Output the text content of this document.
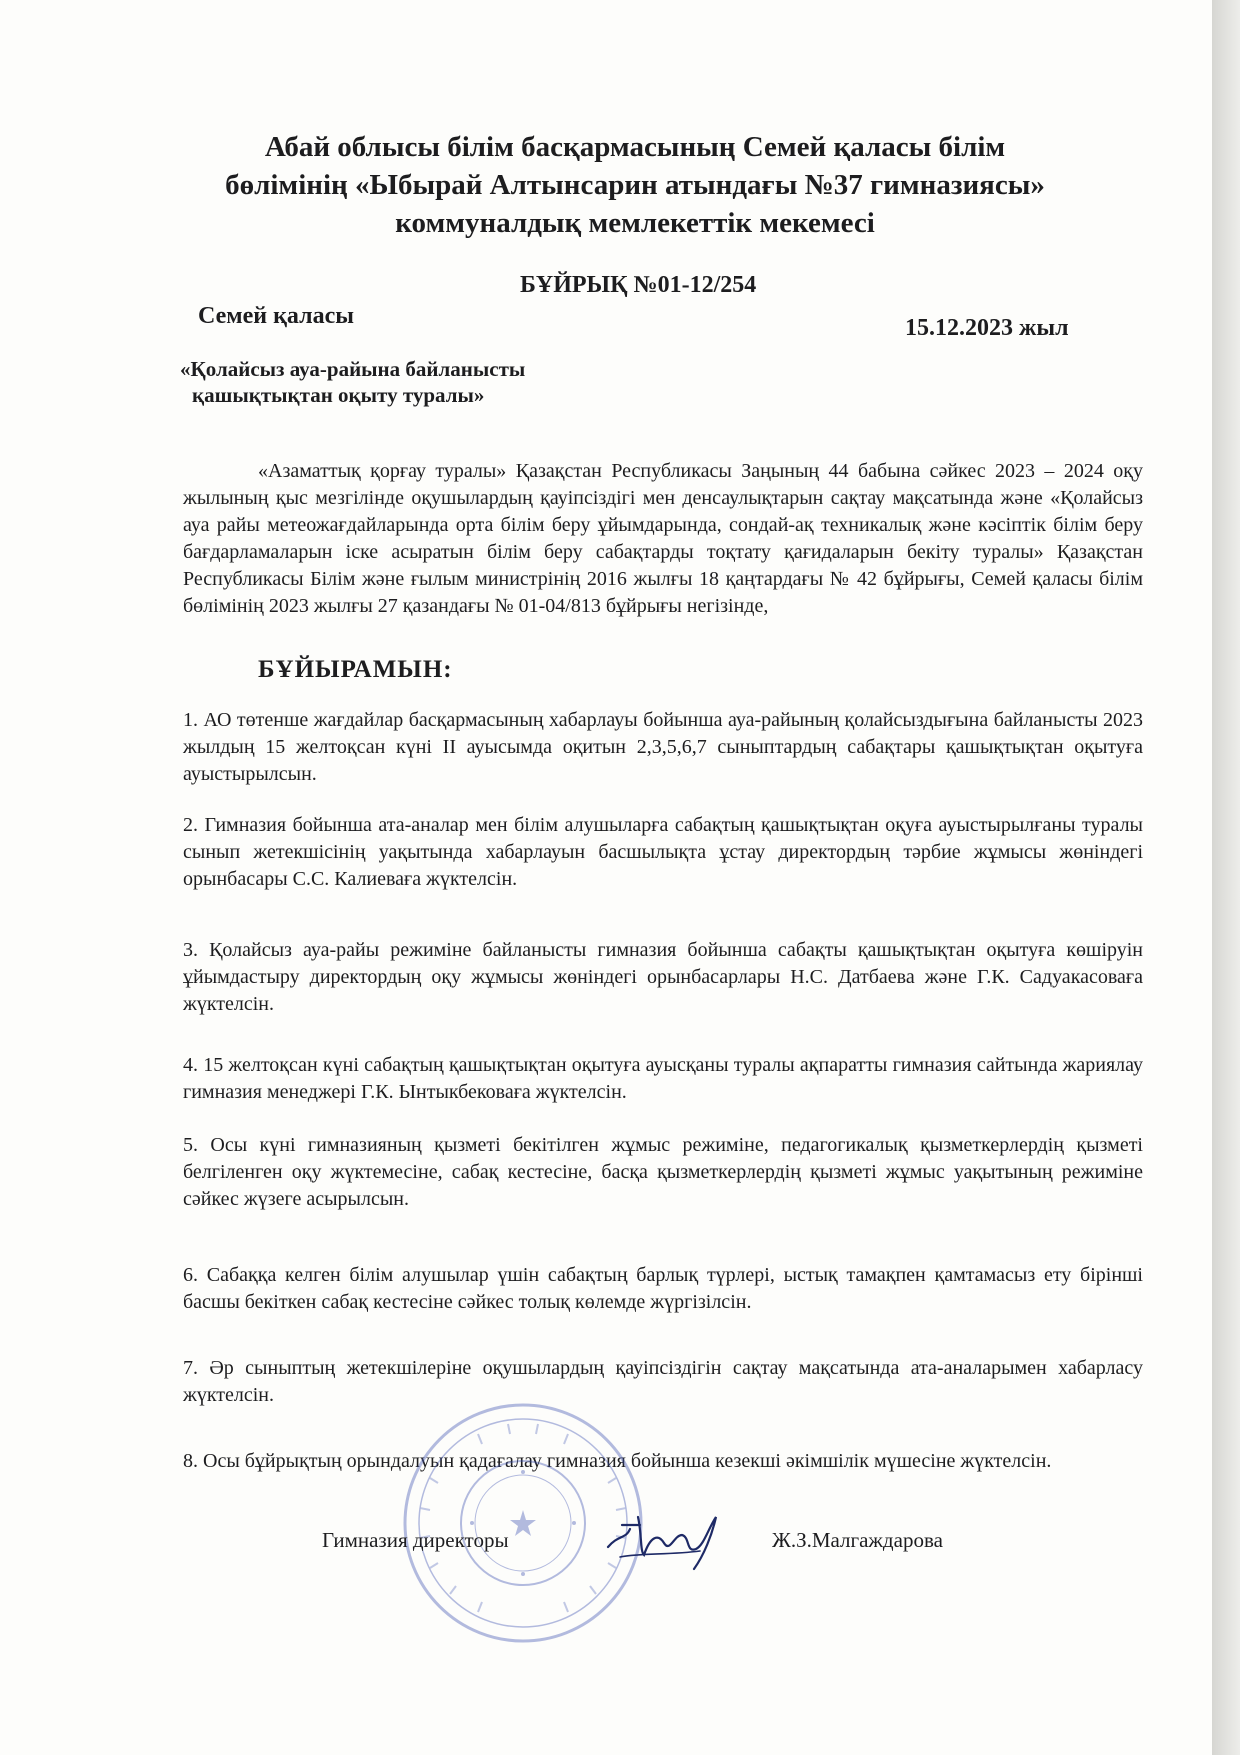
Абай облысы білім басқармасының Семей қаласы білім
бөлімінің «Ыбырай Алтынсарин атындағы №37 гимназиясы»
коммуналдық мемлекеттік мекемесі
БҰЙРЫҚ №01-12/254
Семей қаласы	15.12.2023 жыл
«Қолайсыз ауа-райына байланысты
қашықтықтан оқыту туралы»
«Азаматтық қорғау туралы» Қазақстан Республикасы Заңының 44 бабына сәйкес 2023 – 2024 оқу жылының қыс мезгілінде оқушылардың қауіпсіздігі мен денсаулықтарын сақтау мақсатында және «Қолайсыз ауа райы метеожағдайларында орта білім беру ұйымдарында, сондай-ақ техникалық және кәсіптік білім беру бағдарламаларын іске асыратын білім беру сабақтарды тоқтату қағидаларын бекіту туралы» Қазақстан Республикасы Білім және ғылым министрінің 2016 жылғы 18 қаңтардағы № 42 бұйрығы, Семей қаласы білім бөлімінің 2023 жылғы 27 қазандағы № 01-04/813 бұйрығы негізінде,
БҰЙЫРАМЫН:
1. АО төтенше жағдайлар басқармасының хабарлауы бойынша ауа-райының қолайсыздығына байланысты 2023 жылдың 15 желтоқсан күні ІІ ауысымда оқитын 2,3,5,6,7 сыныптардың сабақтары қашықтықтан оқытуға ауыстырылсын.
2. Гимназия бойынша ата-аналар мен білім алушыларға сабақтың қашықтықтан оқуға ауыстырылғаны туралы сынып жетекшісінің уақытында хабарлауын басшылықта ұстау директордың тәрбие жұмысы жөніндегі орынбасары С.С. Калиеваға жүктелсін.
3. Қолайсыз ауа-райы режиміне байланысты гимназия бойынша сабақты қашықтықтан оқытуға көшіруін ұйымдастыру директордың оқу жұмысы жөніндегі орынбасарлары Н.С. Датбаева және Г.К. Садуакасоваға жүктелсін.
4. 15 желтоқсан күні сабақтың қашықтықтан оқытуға ауысқаны туралы ақпаратты гимназия сайтында жариялау гимназия менеджері Г.К. Ынтыкбековаға жүктелсін.
5. Осы күні гимназияның қызметі бекітілген жұмыс режиміне, педагогикалық қызметкерлердің қызметі белгіленген оқу жүктемесіне, сабақ кестесіне, басқа қызметкерлердің қызметі жұмыс уақытының режиміне сәйкес жүзеге асырылсын.
6. Сабаққа келген білім алушылар үшін сабақтың барлық түрлері, ыстық тамақпен қамтамасыз ету бірінші басшы бекіткен сабақ кестесіне сәйкес толық көлемде жүргізілсін.
7. Әр сыныптың жетекшілеріне оқушылардың қауіпсіздігін сақтау мақсатында ата-аналарымен хабарласу жүктелсін.
8. Осы бұйрықтың орындалуын қадағалау гимназия бойынша кезекші әкімшілік мүшесіне жүктелсін.
Гимназия директоры	Ж.З.Малгаждарова
